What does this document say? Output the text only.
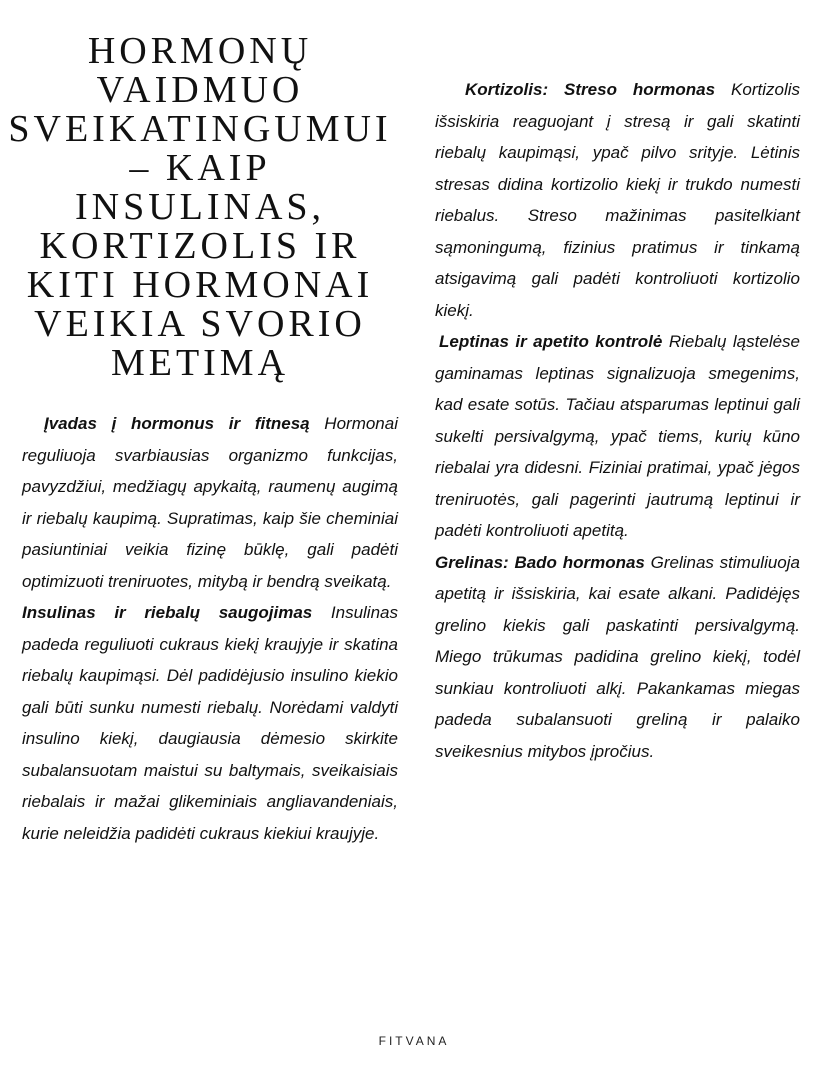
HORMONŲ VAIDMUO SVEIKATINGUMUI – KAIP INSULINAS, KORTIZOLIS IR KITI HORMONAI VEIKIA SVORIO METIMĄ

Įvadas į hormonus ir fitnesą Hormonai reguliuoja svarbiausias organizmo funkcijas, pavyzdžiui, medžiagų apykaitą, raumenų augimą ir riebalų kaupimą. Supratimas, kaip šie cheminiai pasiuntiniai veikia fizinę būklę, gali padėti optimizuoti treniruotes, mitybą ir bendrą sveikatą.

Insulinas ir riebalų saugojimas Insulinas padeda reguliuoti cukraus kiekį kraujyje ir skatina riebalų kaupimąsi. Dėl padidėjusio insulino kiekio gali būti sunku numesti riebalų. Norėdami valdyti insulino kiekį, daugiausia dėmesio skirkite subalansuotam maistui su baltymais, sveikaisiais riebalais ir mažai glikeminiais angliavandeniais, kurie neleidžia padidėti cukraus kiekiui kraujyje.

Kortizolis: Streso hormonas Kortizolis išsiskiria reaguojant į stresą ir gali skatinti riebalų kaupimąsi, ypač pilvo srityje. Lėtinis stresas didina kortizolio kiekį ir trukdo numesti riebalus. Streso mažinimas pasitelkiant sąmoningumą, fizinius pratimus ir tinkamą atsigavimą gali padėti kontroliuoti kortizolio kiekį.

Leptinas ir apetito kontrolė Riebalų ląstelėse gaminamas leptinas signalizuoja smegenims, kad esate sotūs. Tačiau atsparumas leptinui gali sukelti persivalgymą, ypač tiems, kurių kūno riebalai yra didesni. Fiziniai pratimai, ypač jėgos treniruotės, gali pagerinti jautrumą leptinui ir padėti kontroliuoti apetitą.

Grelinas: Bado hormonas Grelinas stimuliuoja apetitą ir išsiskiria, kai esate alkani. Padidėjęs grelino kiekis gali paskatinti persivalgymą. Miego trūkumas padidina grelino kiekį, todėl sunkiau kontroliuoti alkį. Pakankamas miegas padeda subalansuoti greliną ir palaiko sveikesnius mitybos įpročius.

FITVANA
